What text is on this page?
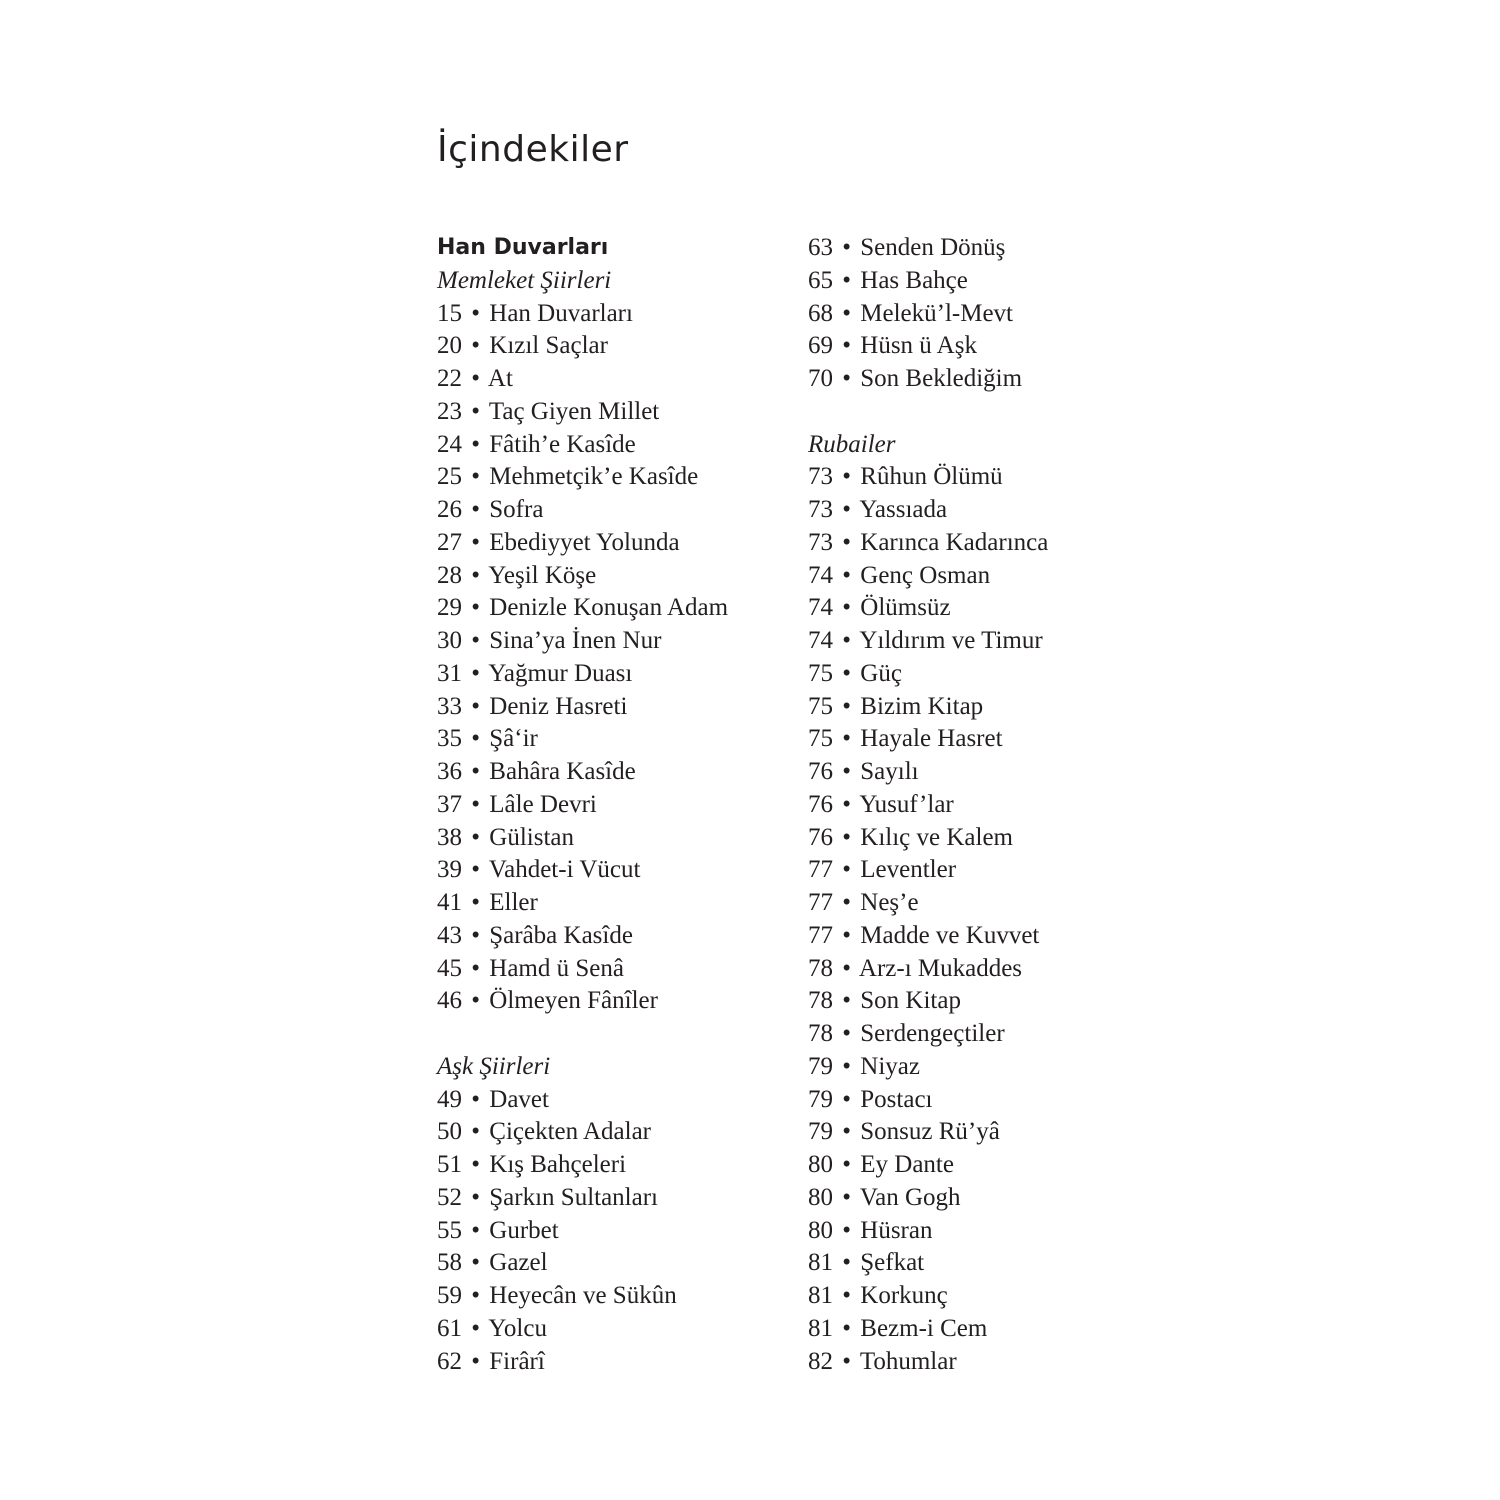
İçindekiler
Han Duvarları
Memleket Şiirleri
15 • Han Duvarları
20 • Kızıl Saçlar
22 • At
23 • Taç Giyen Millet
24 • Fâtih’e Kasîde
25 • Mehmetçik’e Kasîde
26 • Sofra
27 • Ebediyyet Yolunda
28 • Yeşil Köşe
29 • Denizle Konuşan Adam
30 • Sina’ya İnen Nur
31 • Yağmur Duası
33 • Deniz Hasreti
35 • Şâ‘ir
36 • Bahâra Kasîde
37 • Lâle Devri
38 • Gülistan
39 • Vahdet-i Vücut
41 • Eller
43 • Şarâba Kasîde
45 • Hamd ü Senâ
46 • Ölmeyen Fânîler
Aşk Şiirleri
49 • Davet
50 • Çiçekten Adalar
51 • Kış Bahçeleri
52 • Şarkın Sultanları
55 • Gurbet
58 • Gazel
59 • Heyecân ve Sükûn
61 • Yolcu
62 • Firârî
63 • Senden Dönüş
65 • Has Bahçe
68 • Melekü’l-Mevt
69 • Hüsn ü Aşk
70 • Son Beklediğim
Rubailer
73 • Rûhun Ölümü
73 • Yassıada
73 • Karınca Kadarınca
74 • Genç Osman
74 • Ölümsüz
74 • Yıldırım ve Timur
75 • Güç
75 • Bizim Kitap
75 • Hayale Hasret
76 • Sayılı
76 • Yusuf’lar
76 • Kılıç ve Kalem
77 • Leventler
77 • Neş’e
77 • Madde ve Kuvvet
78 • Arz-ı Mukaddes
78 • Son Kitap
78 • Serdengeçtiler
79 • Niyaz
79 • Postacı
79 • Sonsuz Rü’yâ
80 • Ey Dante
80 • Van Gogh
80 • Hüsran
81 • Şefkat
81 • Korkunç
81 • Bezm-i Cem
82 • Tohumlar
